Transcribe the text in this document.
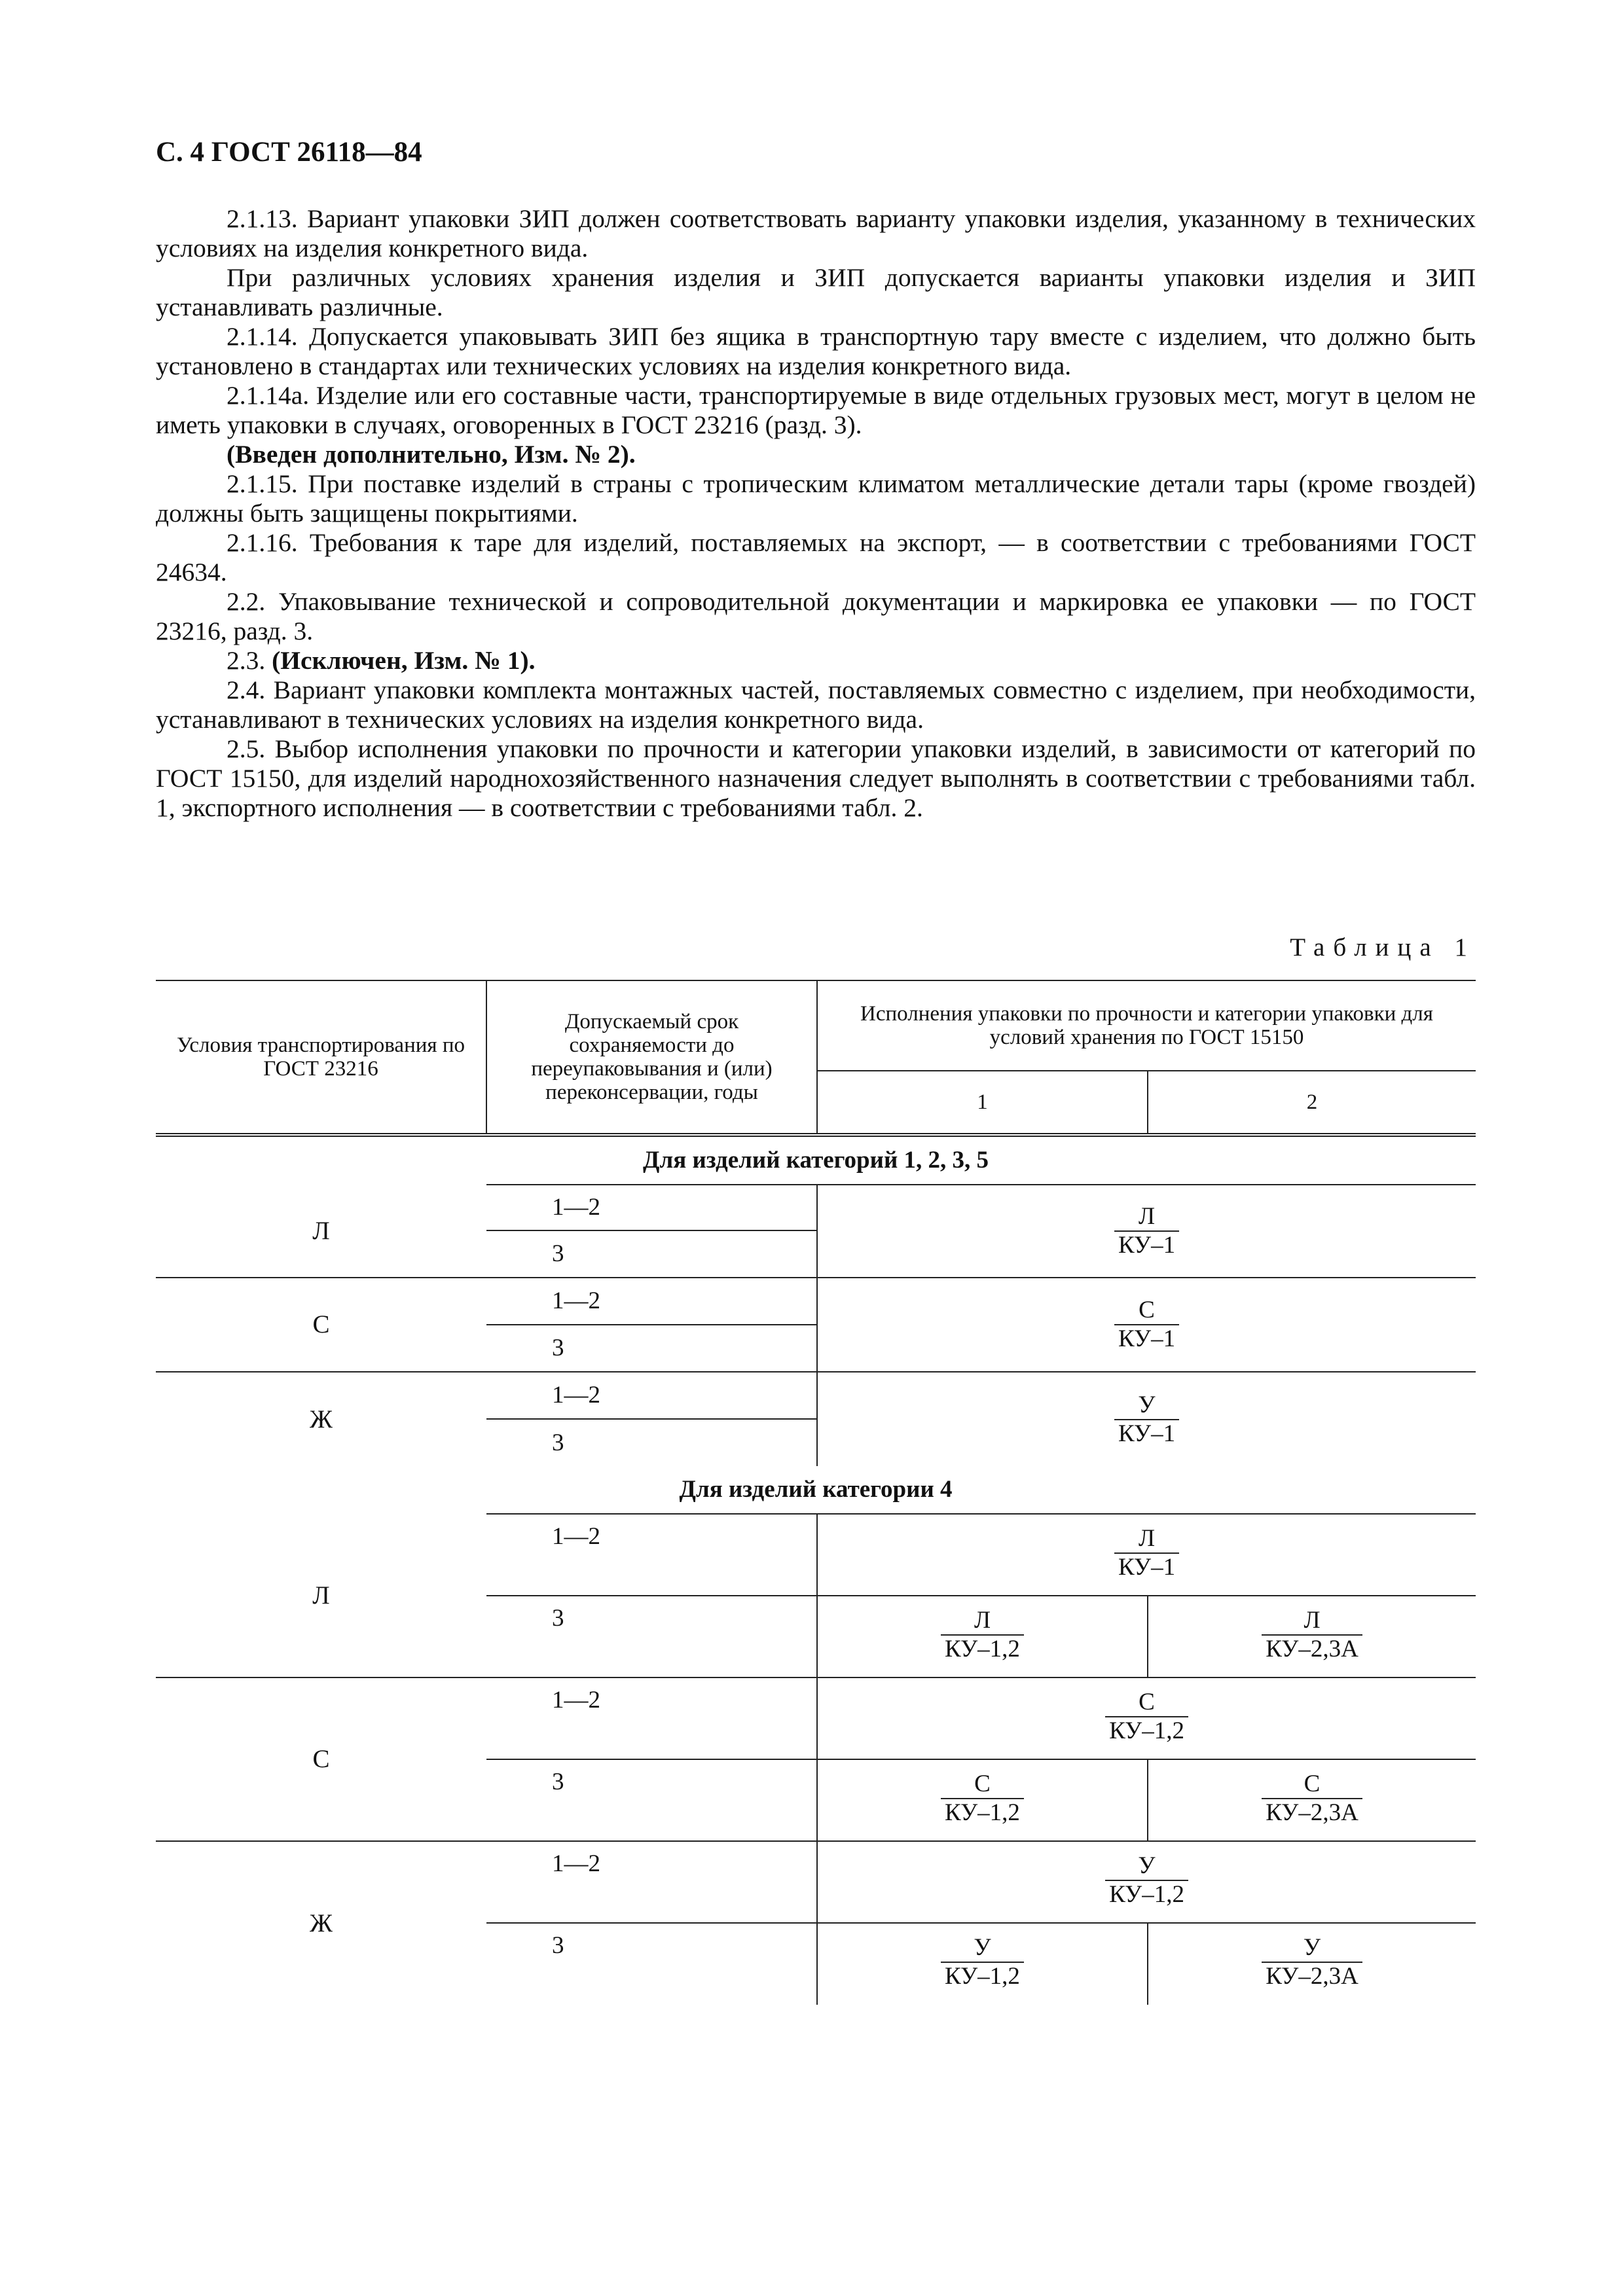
С. 4 ГОСТ 26118—84

2.1.13. Вариант упаковки ЗИП должен соответствовать варианту упаковки изделия, указанному в технических условиях на изделия конкретного вида.

При различных условиях хранения изделия и ЗИП допускается варианты упаковки изделия и ЗИП устанавливать различные.

2.1.14. Допускается упаковывать ЗИП без ящика в транспортную тару вместе с изделием, что должно быть установлено в стандартах или технических условиях на изделия конкретного вида.

2.1.14а. Изделие или его составные части, транспортируемые в виде отдельных грузовых мест, могут в целом не иметь упаковки в случаях, оговоренных в ГОСТ 23216 (разд. 3).

(Введен дополнительно, Изм. № 2).

2.1.15. При поставке изделий в страны с тропическим климатом металлические детали тары (кроме гвоздей) должны быть защищены покрытиями.

2.1.16. Требования к таре для изделий, поставляемых на экспорт, — в соответствии с требованиями ГОСТ 24634.

2.2. Упаковывание технической и сопроводительной документации и маркировка ее упаковки — по ГОСТ 23216, разд. 3.

2.3. (Исключен, Изм. № 1).

2.4. Вариант упаковки комплекта монтажных частей, поставляемых совместно с изделием, при необходимости, устанавливают в технических условиях на изделия конкретного вида.

2.5. Выбор исполнения упаковки по прочности и категории упаковки изделий, в зависимости от категорий по ГОСТ 15150, для изделий народнохозяйственного назначения следует выполнять в соответствии с требованиями табл. 1, экспортного исполнения — в соответствии с требованиями табл. 2.

Таблица 1
Условия транспортирования по ГОСТ 23216	Допускаемый срок сохраняемости до переупаковывания и (или) переконсервации, годы	Исполнения упаковки по прочности и категории упаковки для условий хранения по ГОСТ 15150	
		1	2

Для изделий категорий 1, 2, 3, 5			
Л	1—2	$\frac{Л}{КУ-1}$

	3		
С	1—2	$\frac{С}{КУ-1}$

	3		
Ж	1—2	$\frac{У}{КУ-1}$

	3		
Для изделий категории 4			
Л	1—2	$\frac{Л}{КУ-1}$

	3	$\frac{Л}{КУ-1,2}$	$\frac{Л}{КУ-2,3А}$

С	1—2	$\frac{С}{КУ-1,2}$

	3	$\frac{С}{КУ-1,2}$	$\frac{С}{КУ-2,3А}$

Ж	1—2	$\frac{У}{КУ-1,2}$

	3	$\frac{У}{КУ-1,2}$	$\frac{У}{КУ-2,3А}$
